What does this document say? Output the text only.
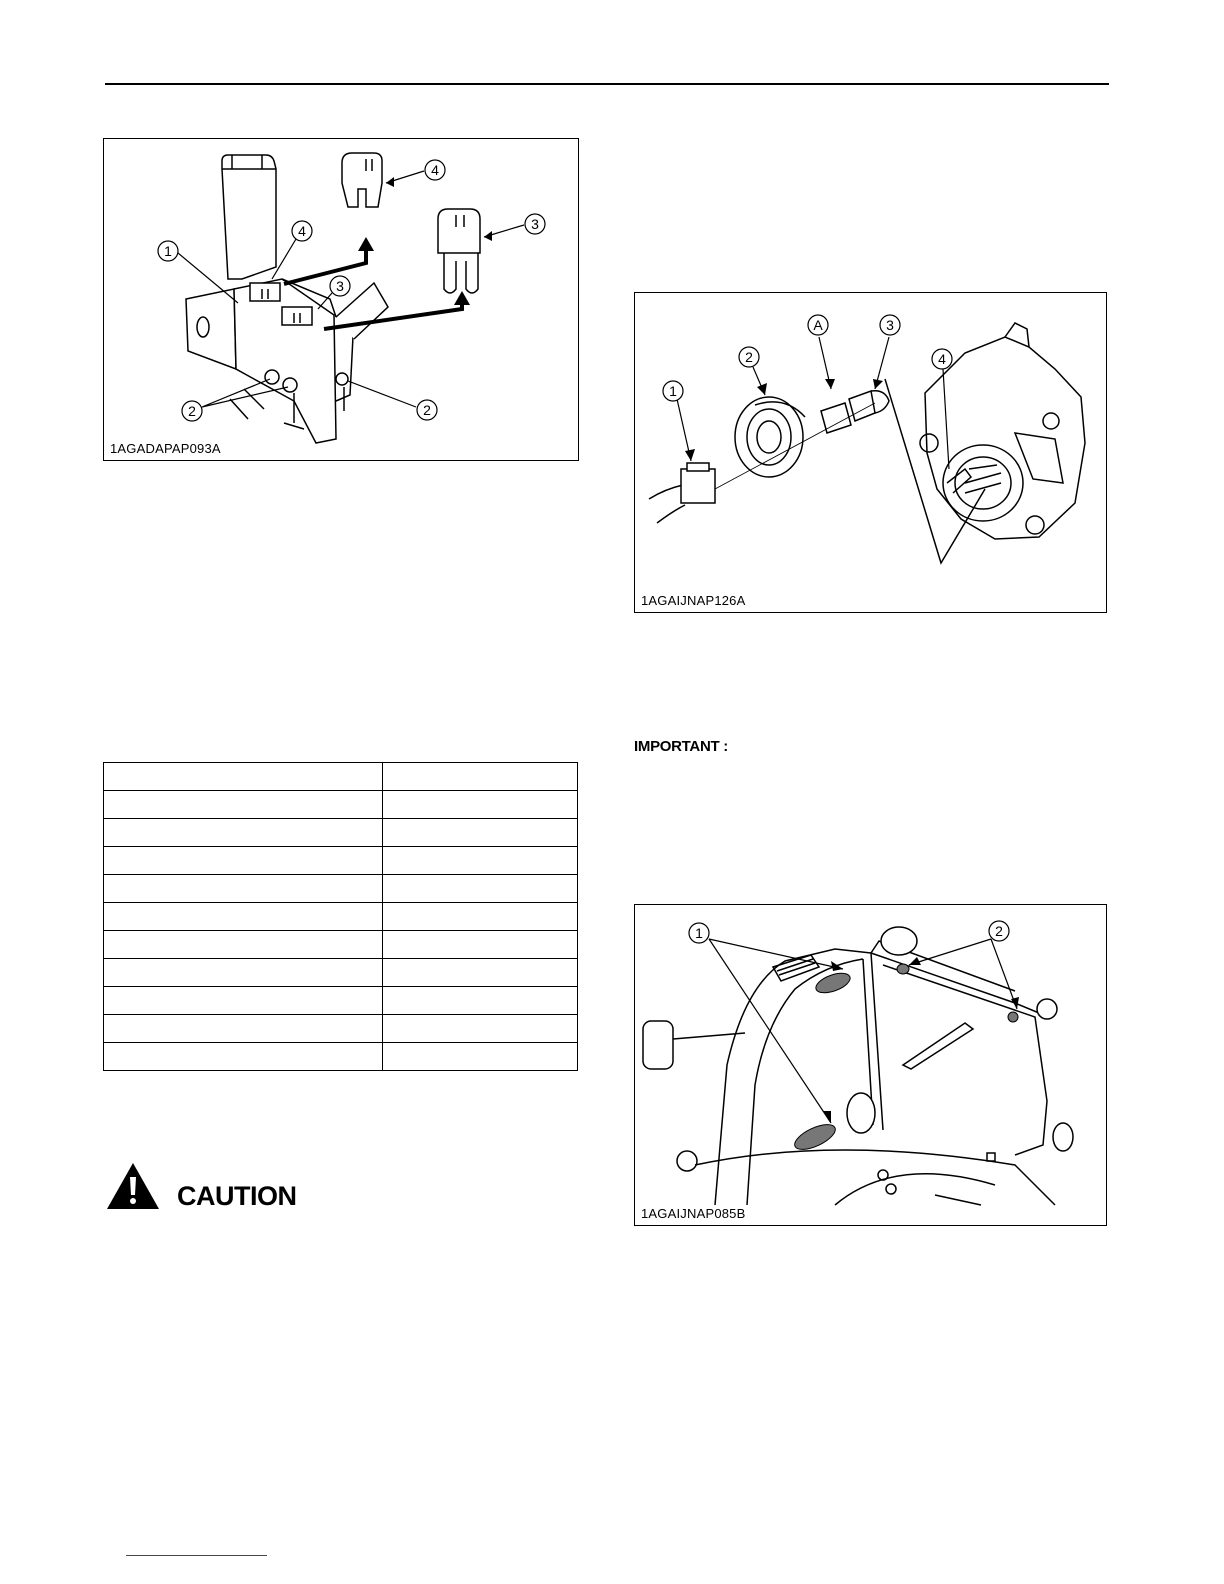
1
4
3
4
3
2	2
1AGADAPAP093A
1
2
A	3
4
1AGAIJNAP126A

IMPORTANT :
1	2
1AGAIJNAP085B
CAUTION
